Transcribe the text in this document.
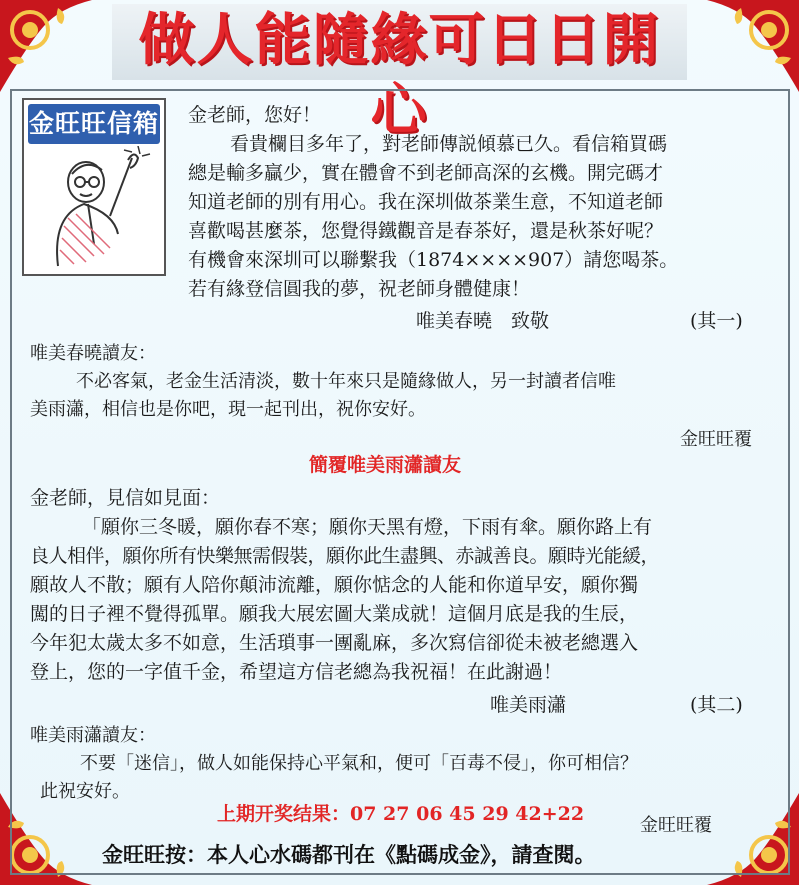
做人能隨緣可日日開心
金旺旺信箱 金老師，您好！
看貴欄目多年了，對老師傳説傾慕已久。看信箱買碼
總是輸多贏少，實在體會不到老師高深的玄機。開完碼才
知道老師的別有用心。我在深圳做茶業生意，不知道老師
喜歡喝甚麼茶，您覺得鐵觀音是春茶好，還是秋茶好呢？
有機會來深圳可以聯繫我（1874××××907）請您喝茶。
若有緣登信圓我的夢，祝老師身體健康！
唯美春曉　致敬	(其一)
唯美春曉讀友：
不必客氣，老金生活清淡，數十年來只是隨緣做人，另一封讀者信唯
美雨瀟，相信也是你吧，現一起刊出，祝你安好。
金旺旺覆
簡覆唯美雨瀟讀友
金老師，見信如見面：
「願你三冬暖，願你春不寒；願你天黑有燈，下雨有傘。願你路上有
良人相伴，願你所有快樂無需假裝，願你此生盡興、赤誠善良。願時光能緩，
願故人不散；願有人陪你顛沛流離，願你惦念的人能和你道早安，願你獨
闖的日子裡不覺得孤單。願我大展宏圖大業成就！這個月底是我的生辰，
今年犯太歲太多不如意，生活瑣事一團亂麻，多次寫信卻從未被老總選入
登上，您的一字值千金，希望這方信老總為我祝福！在此謝過！
唯美雨瀟	(其二)
唯美雨瀟讀友：
不要「迷信」，做人如能保持心平氣和，便可「百毒不侵」，你可相信？
此祝安好。
上期开奖结果：07 27 06 45 29 42+22
金旺旺覆
金旺旺按：本人心水碼都刊在《點碼成金》，請查閱。
